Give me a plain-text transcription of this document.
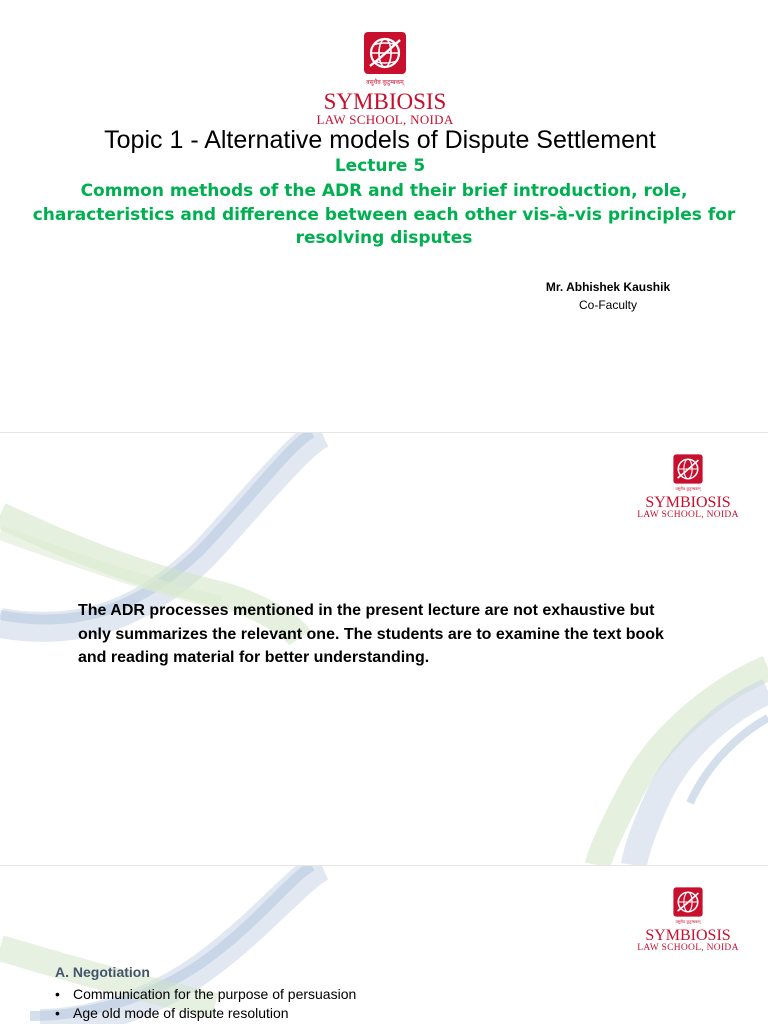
वसुधैव कुटुम्बकम्
SYMBIOSIS
LAW SCHOOL, NOIDA
Topic 1 - Alternative models of Dispute Settlement
Lecture 5
Common methods of the ADR and their brief introduction, role, characteristics and difference between each other vis-à-vis principles for resolving disputes
Mr. Abhishek Kaushik
Co-Faculty
वसुधैव कुटुम्बकम्
SYMBIOSIS
LAW SCHOOL, NOIDA
The ADR processes mentioned in the present lecture are not exhaustive but only summarizes the relevant one. The students are to examine the text book and reading material for better understanding.
वसुधैव कुटुम्बकम्
SYMBIOSIS
LAW SCHOOL, NOIDA
A. Negotiation
• Communication for the purpose of persuasion
• Age old mode of dispute resolution
